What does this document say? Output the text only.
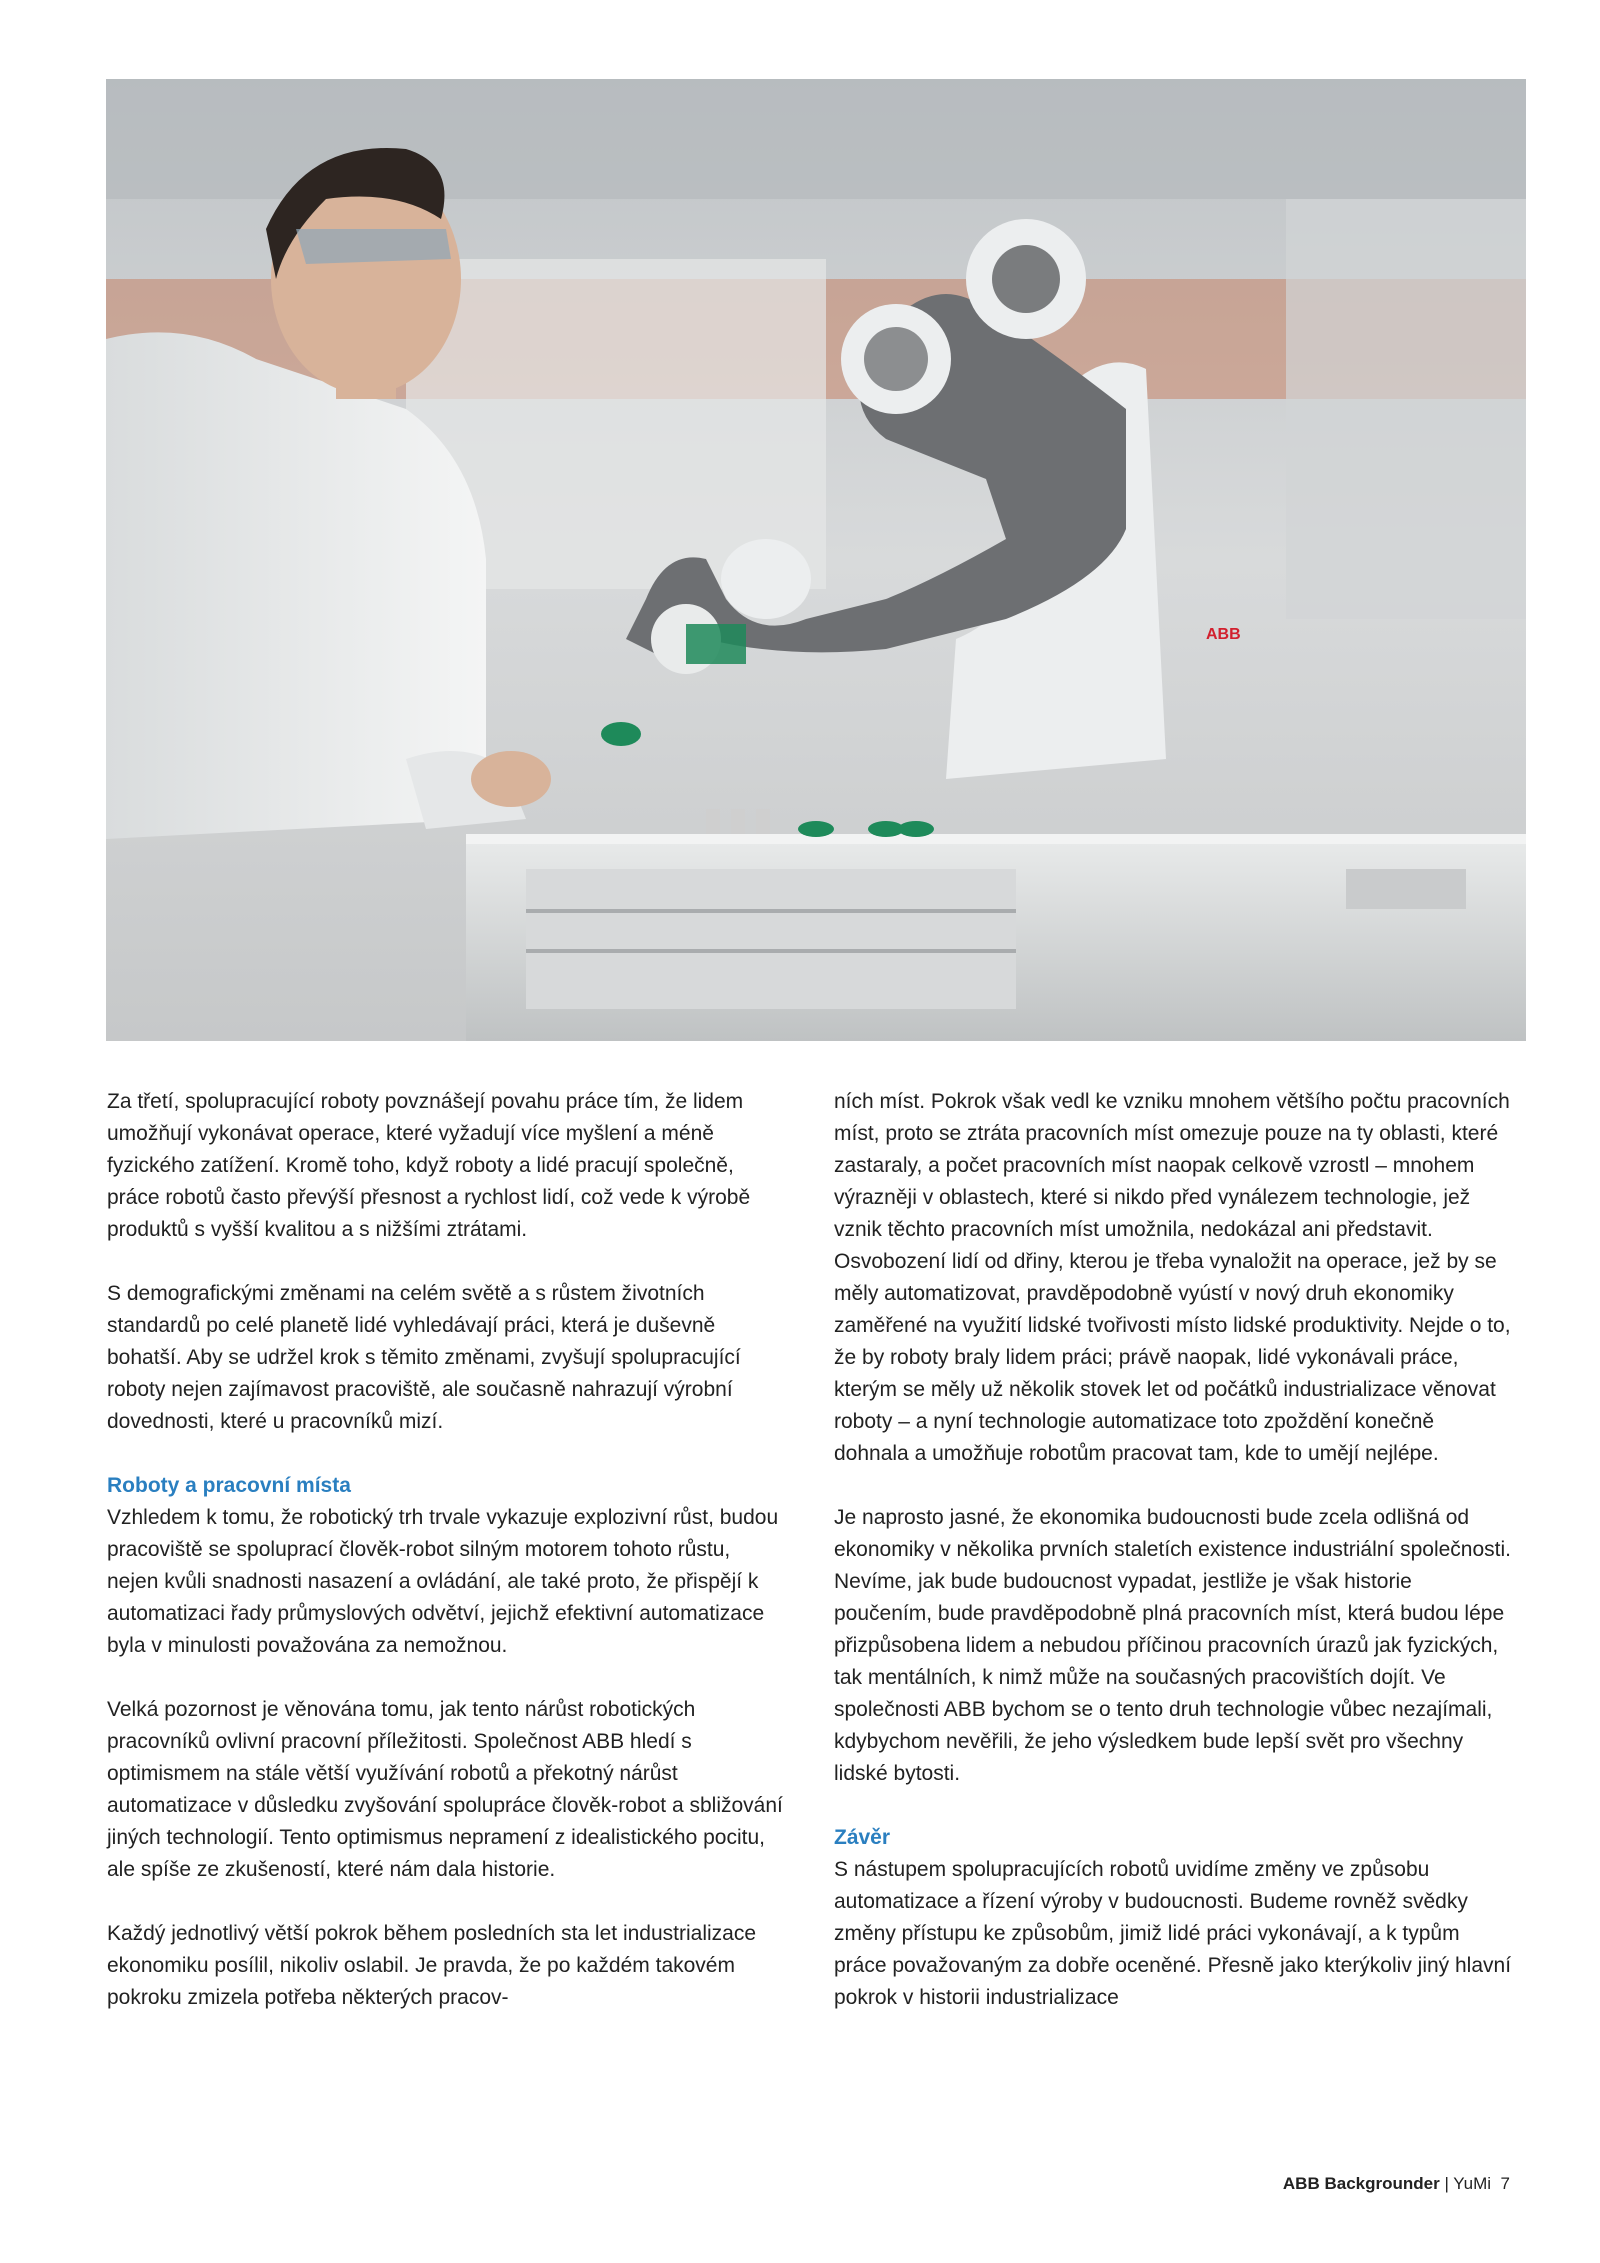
ABB

Za třetí, spolupracující roboty povznášejí povahu práce tím, že lidem umožňují vykonávat operace, které vyžadují více myšlení a méně fyzického zatížení. Kromě toho, když roboty a lidé pracují společně, práce robotů často převýší přesnost a rychlost lidí, což vede k výrobě produktů s vyšší kvalitou a s nižšími ztrátami.

S demografickými změnami na celém světě a s růstem životních standardů po celé planetě lidé vyhledávají práci, která je duševně bohatší. Aby se udržel krok s těmito změnami, zvyšují spolupracující roboty nejen zajímavost pracoviště, ale současně nahrazují výrobní dovednosti, které u pracovníků mizí.

Roboty a pracovní místa

Vzhledem k tomu, že robotický trh trvale vykazuje explozivní růst, budou pracoviště se spoluprací člověk-robot silným motorem tohoto růstu, nejen kvůli snadnosti nasazení a ovládání, ale také proto, že přispějí k automatizaci řady průmyslových odvětví, jejichž efektivní automatizace byla v minulosti považována za nemožnou.

Velká pozornost je věnována tomu, jak tento nárůst robotických pracovníků ovlivní pracovní příležitosti. Společnost ABB hledí s optimismem na stále větší využívání robotů a překotný nárůst automatizace v důsledku zvyšování spolupráce člověk-robot a sbližování jiných technologií. Tento optimismus nepramení z idealistického pocitu, ale spíše ze zkušeností, které nám dala historie.

Každý jednotlivý větší pokrok během posledních sta let industrializace ekonomiku posílil, nikoliv oslabil. Je pravda, že po každém takovém pokroku zmizela potřeba některých pracov-

ních míst. Pokrok však vedl ke vzniku mnohem většího počtu pracovních míst, proto se ztráta pracovních míst omezuje pouze na ty oblasti, které zastaraly, a počet pracovních míst naopak celkově vzrostl – mnohem výrazněji v oblastech, které si nikdo před vynálezem technologie, jež vznik těchto pracovních míst umožnila, nedokázal ani představit. Osvobození lidí od dřiny, kterou je třeba vynaložit na operace, jež by se měly automatizovat, pravděpodobně vyústí v nový druh ekonomiky zaměřené na využití lidské tvořivosti místo lidské produktivity. Nejde o to, že by roboty braly lidem práci; právě naopak, lidé vykonávali práce, kterým se měly už několik stovek let od počátků industrializace věnovat roboty – a nyní technologie automatizace toto zpoždění konečně dohnala a umožňuje robotům pracovat tam, kde to umějí nejlépe.

Je naprosto jasné, že ekonomika budoucnosti bude zcela odlišná od ekonomiky v několika prvních staletích existence industriální společnosti. Nevíme, jak bude budoucnost vypadat, jestliže je však historie poučením, bude pravděpodobně plná pracovních míst, která budou lépe přizpůsobena lidem a nebudou příčinou pracovních úrazů jak fyzických, tak mentálních, k nimž může na současných pracovištích dojít. Ve společnosti ABB bychom se o tento druh technologie vůbec nezajímali, kdybychom nevěřili, že jeho výsledkem bude lepší svět pro všechny lidské bytosti.

Závěr

S nástupem spolupracujících robotů uvidíme změny ve způsobu automatizace a řízení výroby v budoucnosti. Budeme rovněž svědky změny přístupu ke způsobům, jimiž lidé práci vykonávají, a k typům práce považovaným za dobře oceněné. Přesně jako kterýkoliv jiný hlavní pokrok v historii industrializace

ABB Backgrounder | YuMi 7
